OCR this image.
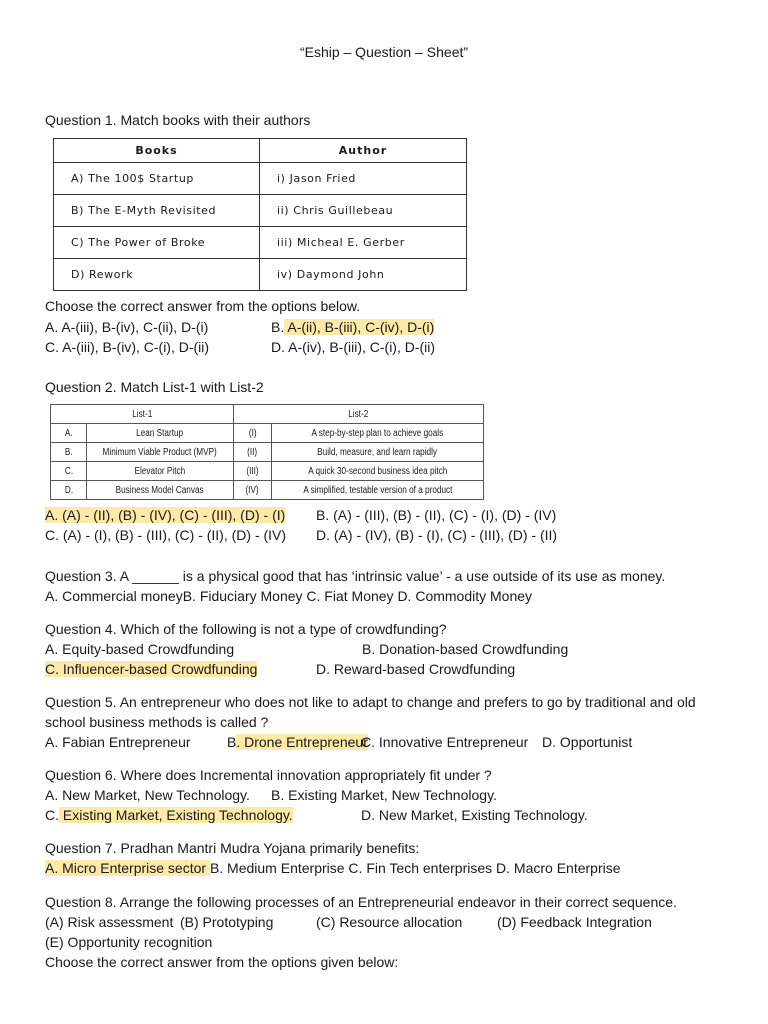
“Eship – Question – Sheet”
Question 1. Match books with their authors
Books	Author
A) The 100$ Startup	i) Jason Fried
B) The E-Myth Revisited	ii) Chris Guillebeau
C) The Power of Broke	iii) Micheal E. Gerber
D) Rework	iv) Daymond John
Choose the correct answer from the options below.
A. A-(iii), B-(iv), C-(ii), D-(i)	B. A-(ii), B-(iii), C-(iv), D-(i)
C. A-(iii), B-(iv), C-(i), D-(ii)	D. A-(iv), B-(iii), C-(i), D-(ii)
Question 2. Match List-1 with List-2
List-1		List-2	
A.	Lean Startup	(I)	A step-by-step plan to achieve goals
B.	Minimum Viable Product (MVP)	(II)	Build, measure, and learn rapidly
C.	Elevator Pitch	(III)	A quick 30-second business idea pitch
D.	Business Model Canvas	(IV)	A simplified, testable version of a product
A. (A) - (II), (B) - (IV), (C) - (III), (D) - (I) B. (A) - (III), (B) - (II), (C) - (I), (D) - (IV)
C. (A) - (I), (B) - (III), (C) - (II), (D) - (IV) D. (A) - (IV), (B) - (I), (C) - (III), (D) - (II)
Question 3. A ______ is a physical good that has ‘intrinsic value’ - a use outside of its use as money.
A. Commercial moneyB. Fiduciary Money C. Fiat Money D. Commodity Money
Question 4. Which of the following is not a type of crowdfunding?
A. Equity-based Crowdfunding	B. Donation-based Crowdfunding
C. Influencer-based Crowdfunding	D. Reward-based Crowdfunding
Question 5. An entrepreneur who does not like to adapt to change and prefers to go by traditional and old
school business methods is called ?
A. Fabian Entrepreneur	B. Drone Entrepreneur
C. Innovative Entrepreneur D. Opportunist
Question 6. Where does Incremental innovation appropriately fit under ?
A. New Market, New Technology. B. Existing Market, New Technology.
C. Existing Market, Existing Technology.	D. New Market, Existing Technology.
Question 7. Pradhan Mantri Mudra Yojana primarily benefits:
A. Micro Enterprise sector B. Medium Enterprise C. Fin Tech enterprises D. Macro Enterprise
Question 8. Arrange the following processes of an Entrepreneurial endeavor in their correct sequence.
(A) Risk assessment (B) Prototyping	(C) Resource allocation (D) Feedback Integration
(E) Opportunity recognition
Choose the correct answer from the options given below:
